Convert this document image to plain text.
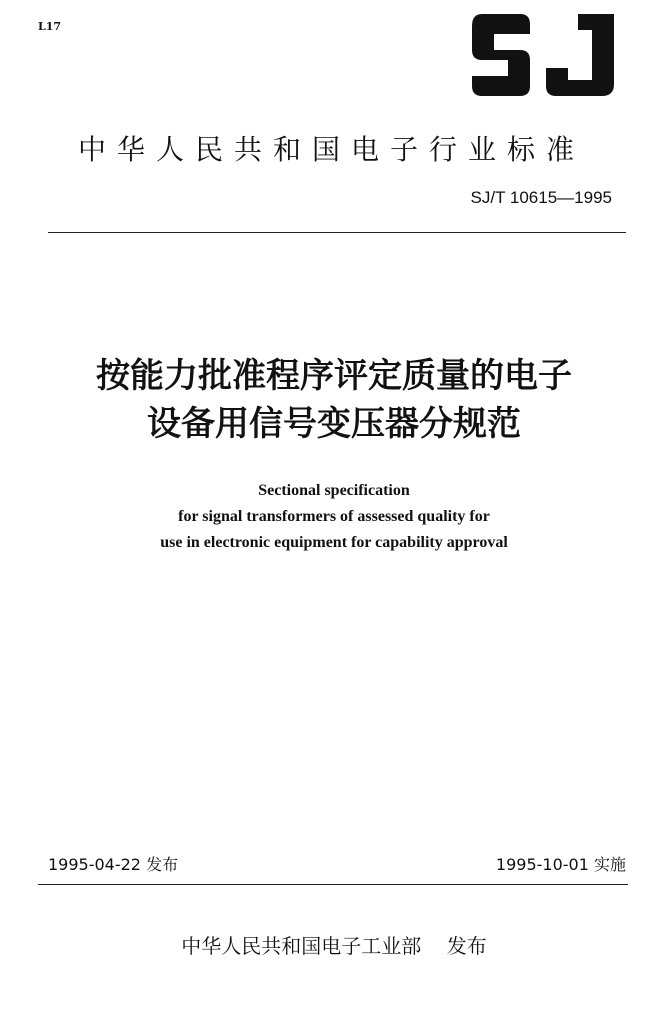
L17
中华人民共和国电子行业标准
SJ/T 10615—1995
按能力批准程序评定质量的电子
设备用信号变压器分规范
Sectional specification
for signal transformers of assessed quality for
use in electronic equipment for capability approval
1995-04-22 发布	1995-10-01 实施
中华人民共和国电子工业部    发布
